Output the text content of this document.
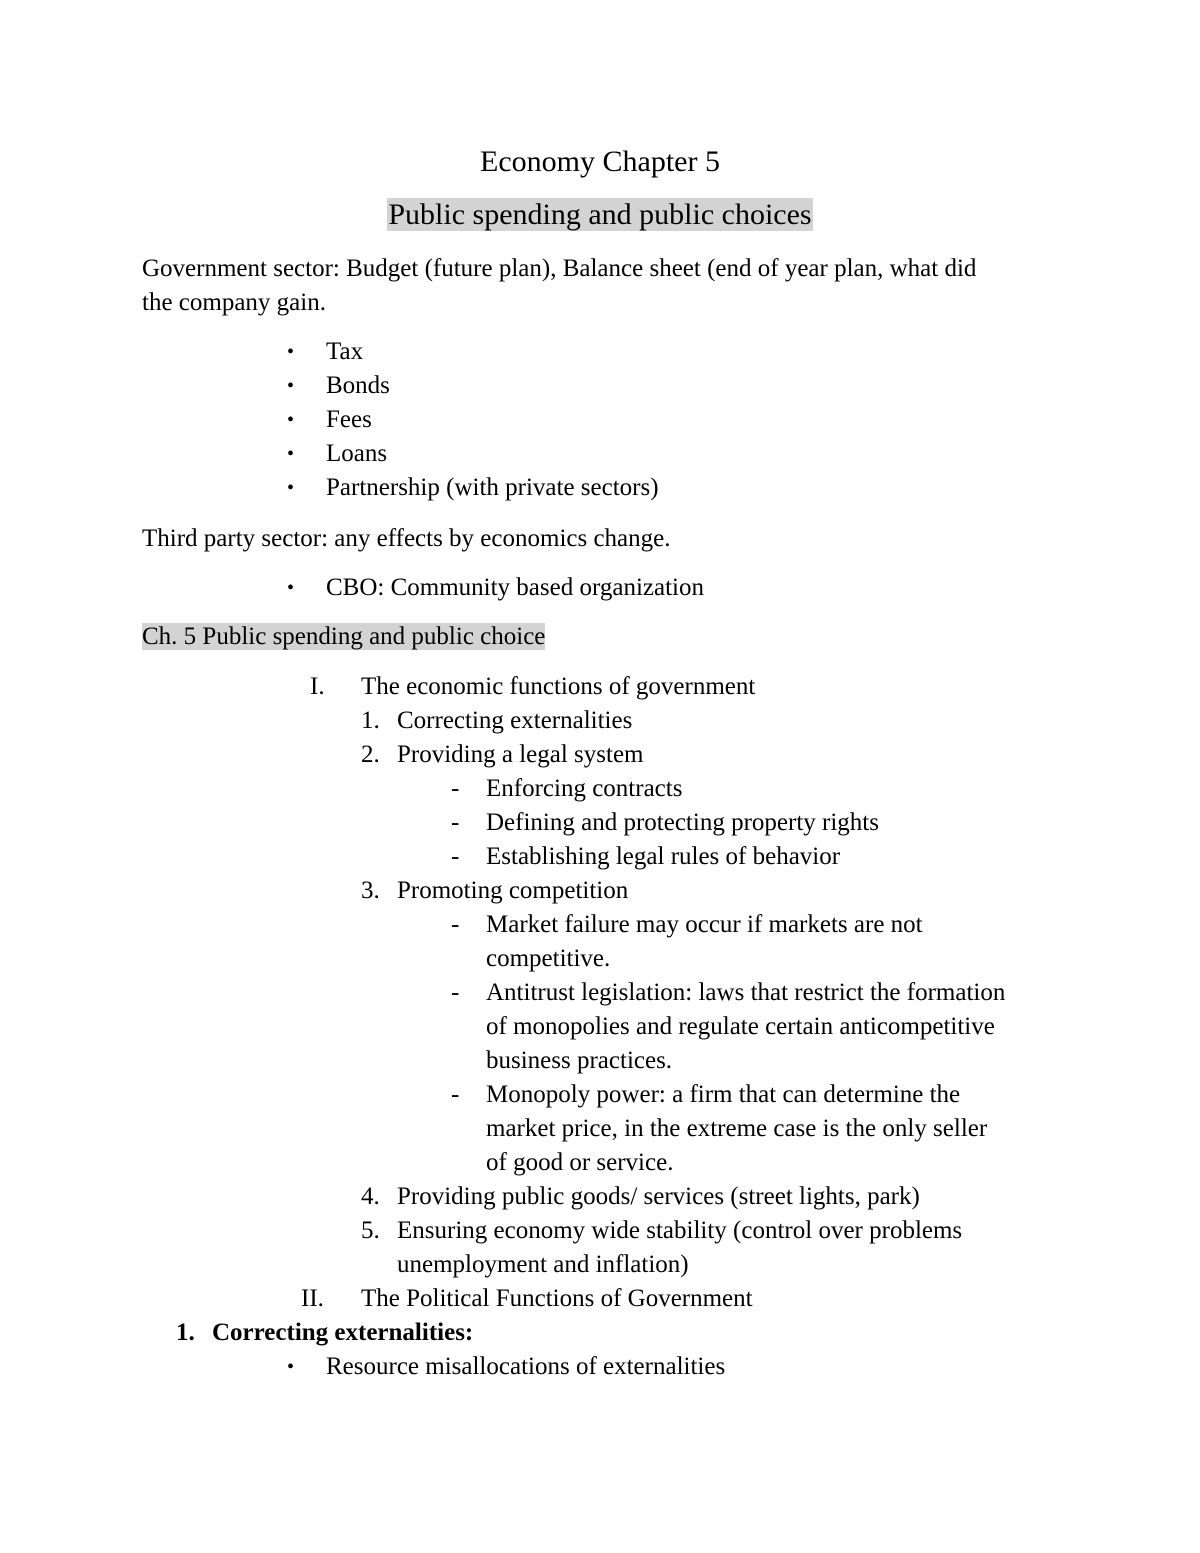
Economy Chapter 5
Public spending and public choices
Government sector: Budget (future plan), Balance sheet (end of year plan, what did
the company gain.
• Tax
• Bonds
• Fees
• Loans
• Partnership (with private sectors)
Third party sector: any effects by economics change.
• CBO: Community based organization
Ch. 5 Public spending and public choice
I. The economic functions of government
1. Correcting externalities
2. Providing a legal system
- Enforcing contracts
- Defining and protecting property rights
- Establishing legal rules of behavior
3. Promoting competition
- Market failure may occur if markets are not
competitive.
- Antitrust legislation: laws that restrict the formation
of monopolies and regulate certain anticompetitive
business practices.
- Monopoly power: a firm that can determine the
market price, in the extreme case is the only seller
of good or service.
4. Providing public goods/ services (street lights, park)
5. Ensuring economy wide stability (control over problems
unemployment and inflation)
II. The Political Functions of Government
1. Correcting externalities:
• Resource misallocations of externalities
